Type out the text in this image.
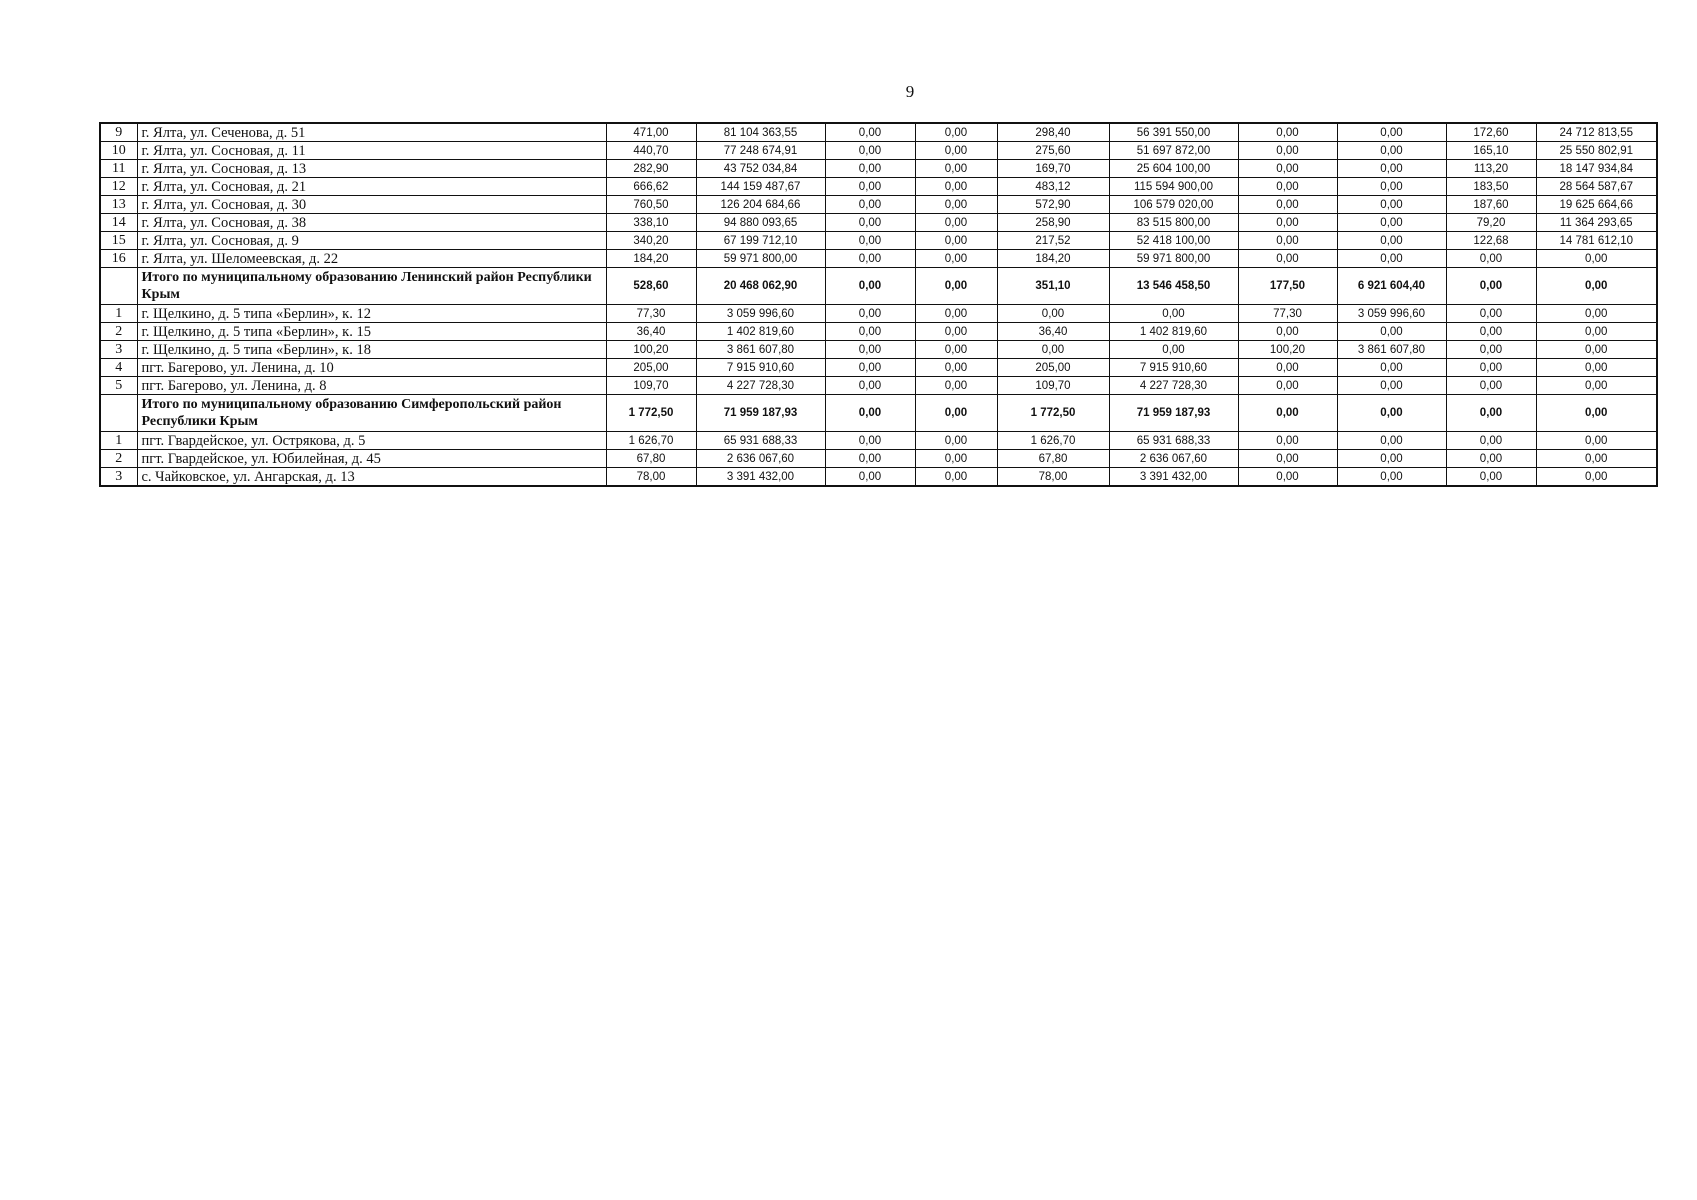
9
9	г. Ялта, ул. Сеченова, д. 51	471,00	81 104 363,55	0,00	0,00	298,40	56 391 550,00	0,00	0,00	172,60	24 712 813,55
10	г. Ялта, ул. Сосновая, д. 11	440,70	77 248 674,91	0,00	0,00	275,60	51 697 872,00	0,00	0,00	165,10	25 550 802,91
11	г. Ялта, ул. Сосновая, д. 13	282,90	43 752 034,84	0,00	0,00	169,70	25 604 100,00	0,00	0,00	113,20	18 147 934,84
12	г. Ялта, ул. Сосновая, д. 21	666,62	144 159 487,67	0,00	0,00	483,12	115 594 900,00	0,00	0,00	183,50	28 564 587,67
13	г. Ялта, ул. Сосновая, д. 30	760,50	126 204 684,66	0,00	0,00	572,90	106 579 020,00	0,00	0,00	187,60	19 625 664,66
14	г. Ялта, ул. Сосновая, д. 38	338,10	94 880 093,65	0,00	0,00	258,90	83 515 800,00	0,00	0,00	79,20	11 364 293,65
15	г. Ялта, ул. Сосновая, д. 9	340,20	67 199 712,10	0,00	0,00	217,52	52 418 100,00	0,00	0,00	122,68	14 781 612,10
16	г. Ялта, ул. Шеломеевская, д. 22	184,20	59 971 800,00	0,00	0,00	184,20	59 971 800,00	0,00	0,00	0,00	0,00
	Итого по муниципальному образованию Ленинский район Республики Крым	528,60	20 468 062,90	0,00	0,00	351,10	13 546 458,50	177,50	6 921 604,40	0,00	0,00
1	г. Щелкино, д. 5 типа «Берлин», к. 12	77,30	3 059 996,60	0,00	0,00	0,00	0,00	77,30	3 059 996,60	0,00	0,00
2	г. Щелкино, д. 5 типа «Берлин», к. 15	36,40	1 402 819,60	0,00	0,00	36,40	1 402 819,60	0,00	0,00	0,00	0,00
3	г. Щелкино, д. 5 типа «Берлин», к. 18	100,20	3 861 607,80	0,00	0,00	0,00	0,00	100,20	3 861 607,80	0,00	0,00
4	пгт. Багерово, ул. Ленина, д. 10	205,00	7 915 910,60	0,00	0,00	205,00	7 915 910,60	0,00	0,00	0,00	0,00
5	пгт. Багерово, ул. Ленина, д. 8	109,70	4 227 728,30	0,00	0,00	109,70	4 227 728,30	0,00	0,00	0,00	0,00
	Итого по муниципальному образованию Симферопольский район Республики Крым	1 772,50	71 959 187,93	0,00	0,00	1 772,50	71 959 187,93	0,00	0,00	0,00	0,00
1	пгт. Гвардейское, ул. Острякова, д. 5	1 626,70	65 931 688,33	0,00	0,00	1 626,70	65 931 688,33	0,00	0,00	0,00	0,00
2	пгт. Гвардейское, ул. Юбилейная, д. 45	67,80	2 636 067,60	0,00	0,00	67,80	2 636 067,60	0,00	0,00	0,00	0,00
3	с. Чайковское, ул. Ангарская, д. 13	78,00	3 391 432,00	0,00	0,00	78,00	3 391 432,00	0,00	0,00	0,00	0,00
